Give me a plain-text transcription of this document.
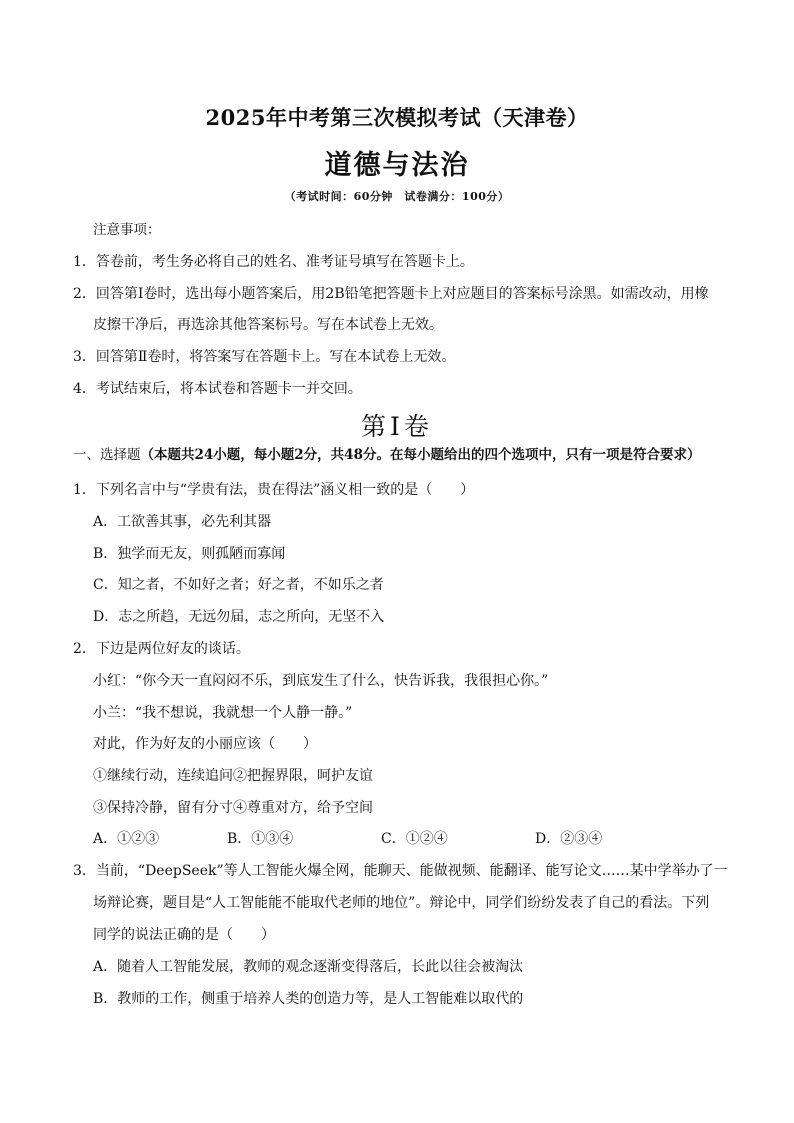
2025年中考第三次模拟考试（天津卷）
道德与法治
（考试时间：60分钟　试卷满分：100分）
注意事项：
1．答卷前，考生务必将自己的姓名、准考证号填写在答题卡上。
2．回答第Ⅰ卷时，选出每小题答案后，用2B铅笔把答题卡上对应题目的答案标号涂黑。如需改动，用橡
皮擦干净后，再选涂其他答案标号。写在本试卷上无效。
3．回答第Ⅱ卷时，将答案写在答题卡上。写在本试卷上无效。
4．考试结束后，将本试卷和答题卡一并交回。
第Ⅰ卷
一、选择题（本题共24小题，每小题2分，共48分。在每小题给出的四个选项中，只有一项是符合要求）
1．下列名言中与“学贵有法，贵在得法”涵义相一致的是（　　）
A．工欲善其事，必先利其器
B．独学而无友，则孤陋而寡闻
C．知之者，不如好之者；好之者，不如乐之者
D．志之所趋，无远勿届，志之所向，无坚不入
2．下边是两位好友的谈话。
小红：“你今天一直闷闷不乐，到底发生了什么，快告诉我，我很担心你。”
小兰：“我不想说，我就想一个人静一静。”
对此，作为好友的小丽应该（　　）
①继续行动，连续追问②把握界限，呵护友谊
③保持冷静，留有分寸④尊重对方，给予空间
A．①②③	B．①③④	C．①②④	D．②③④
3．当前，“DeepSeek”等人工智能火爆全网，能聊天、能做视频、能翻译、能写论文……某中学举办了一
场辩论赛，题目是“人工智能能不能取代老师的地位”。辩论中，同学们纷纷发表了自己的看法。下列
同学的说法正确的是（　　）
A．随着人工智能发展，教师的观念逐渐变得落后，长此以往会被淘汰
B．教师的工作，侧重于培养人类的创造力等，是人工智能难以取代的
